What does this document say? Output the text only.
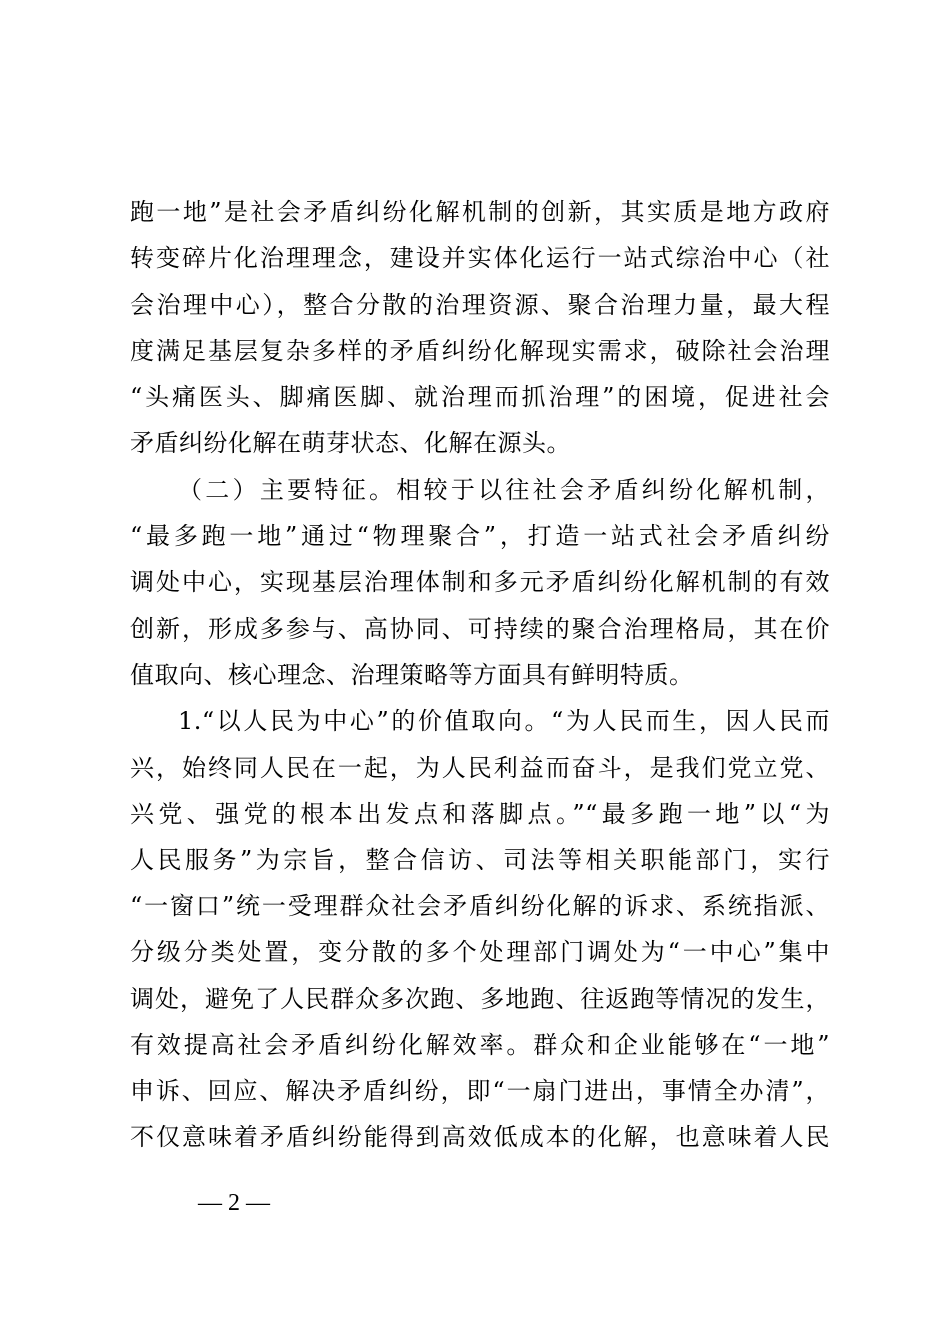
跑一地”是社会矛盾纠纷化解机制的创新，其实质是地方政府
转变碎片化治理理念，建设并实体化运行一站式综治中心（社
会治理中心），整合分散的治理资源、聚合治理力量，最大程
度满足基层复杂多样的矛盾纠纷化解现实需求，破除社会治理
“头痛医头、脚痛医脚、就治理而抓治理”的困境，促进社会
矛盾纠纷化解在萌芽状态、化解在源头。
（二）主要特征。相较于以往社会矛盾纠纷化解机制，
“最多跑一地”通过“物理聚合”，打造一站式社会矛盾纠纷
调处中心，实现基层治理体制和多元矛盾纠纷化解机制的有效
创新，形成多参与、高协同、可持续的聚合治理格局，其在价
值取向、核心理念、治理策略等方面具有鲜明特质。
1.“以人民为中心”的价值取向。“为人民而生，因人民而
兴，始终同人民在一起，为人民利益而奋斗，是我们党立党、
兴党、强党的根本出发点和落脚点。”“最多跑一地”以“为
人民服务”为宗旨，整合信访、司法等相关职能部门，实行
“一窗口”统一受理群众社会矛盾纠纷化解的诉求、系统指派、
分级分类处置，变分散的多个处理部门调处为“一中心”集中
调处，避免了人民群众多次跑、多地跑、往返跑等情况的发生，
有效提高社会矛盾纠纷化解效率。群众和企业能够在“一地”
申诉、回应、解决矛盾纠纷，即“一扇门进出，事情全办清”，
不仅意味着矛盾纠纷能得到高效低成本的化解，也意味着人民
— 2 —
